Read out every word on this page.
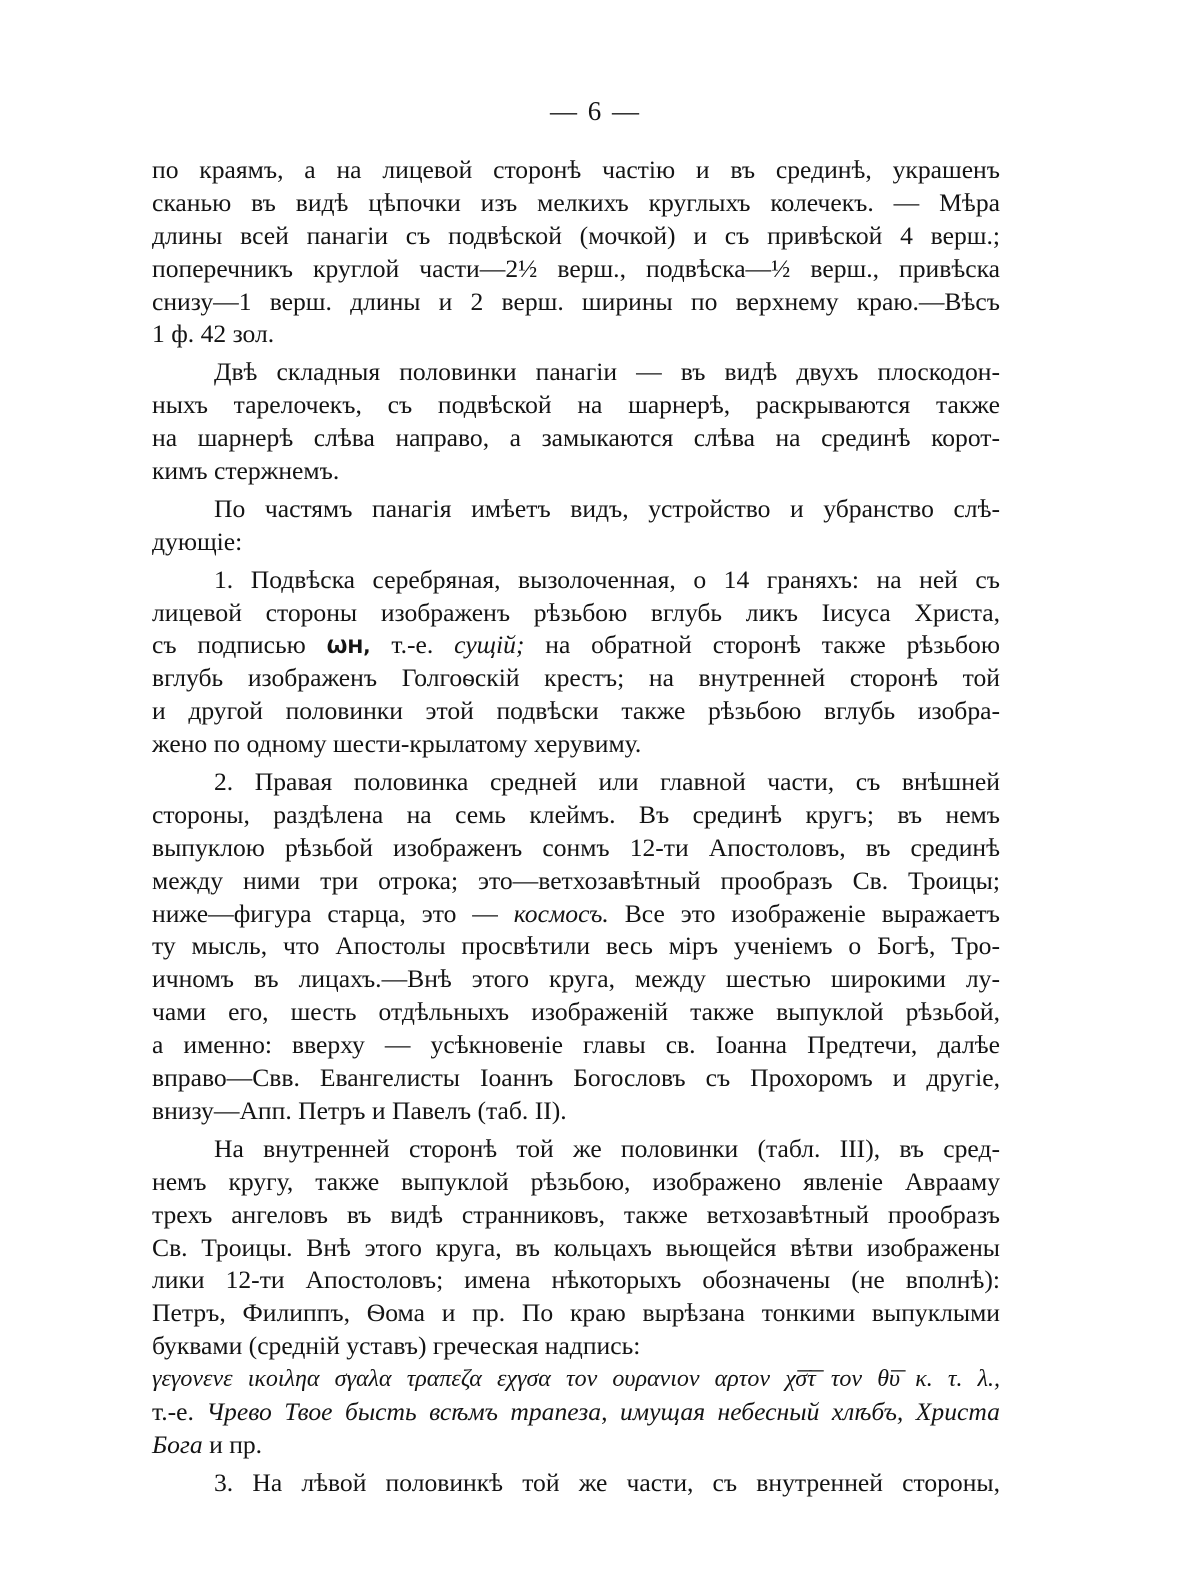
— 6 —
по краямъ, а на лицевой сторонѣ частію и въ срединѣ, украшенъ
сканью въ видѣ цѣпочки изъ мелкихъ круглыхъ колечекъ. — Мѣра
длины всей панагіи съ подвѣской (мочкой) и съ привѣской 4 верш.;
поперечникъ круглой части—2½ верш., подвѣска—½ верш., привѣска
снизу—1 верш. длины и 2 верш. ширины по верхнему краю.—Вѣсъ
1 ф. 42 зол.
Двѣ складныя половинки панагіи — въ видѣ двухъ плоскодон-
ныхъ тарелочекъ, съ подвѣской на шарнерѣ, раскрываются также
на шарнерѣ слѣва направо, а замыкаются слѣва на срединѣ корот-
кимъ стержнемъ.
По частямъ панагія имѣетъ видъ, устройство и убранство слѣ-
дующіе:
1. Подвѣска серебряная, вызолоченная, о 14 граняхъ: на ней съ
лицевой стороны изображенъ рѣзьбою вглубь ликъ Іисуса Христа,
съ подписью ѠН, т.-е. сущій; на обратной сторонѣ также рѣзьбою
вглубь изображенъ Голгоѳскій крестъ; на внутренней сторонѣ той
и другой половинки этой подвѣски также рѣзьбою вглубь изобра-
жено по одному шести-крылатому херувиму.
2. Правая половинка средней или главной части, съ внѣшней
стороны, раздѣлена на семь клеймъ. Въ срединѣ кругъ; въ немъ
выпуклою рѣзьбой изображенъ сонмъ 12-ти Апостоловъ, въ срединѣ
между ними три отрока; это—ветхозавѣтный прообразъ Св. Троицы;
ниже—фигура старца, это — космосъ. Все это изображеніе выражаетъ
ту мысль, что Апостолы просвѣтили весь міръ ученіемъ о Богѣ, Тро-
ичномъ въ лицахъ.—Внѣ этого круга, между шестью широкими лу-
чами его, шесть отдѣльныхъ изображеній также выпуклой рѣзьбой,
а именно: вверху — усѣкновеніе главы св. Іоанна Предтечи, далѣе
вправо—Свв. Евангелисты Іоаннъ Богословъ съ Прохоромъ и другіе,
внизу—Апп. Петръ и Павелъ (таб. II).
На внутренней сторонѣ той же половинки (табл. III), въ сред-
немъ кругу, также выпуклой рѣзьбою, изображено явленіе Аврааму
трехъ ангеловъ въ видѣ странниковъ, также ветхозавѣтный прообразъ
Св. Троицы. Внѣ этого круга, въ кольцахъ вьющейся вѣтви изображены
лики 12-ти Апостоловъ; имена нѣкоторыхъ обозначены (не вполнѣ):
Петръ, Филиппъ, Ѳома и пр. По краю вырѣзана тонкими выпуклыми
буквами (средній уставъ) греческая надпись:
γεγονενε ικοιληα σγαλα τραπεζα εχγσα τον ουρανιον αρτον χ͞σ͞τ τον θ͞υ κ. τ. λ.,
т.-е. Чрево Твое бысть всѣмъ трапеза, имущая небесный хлѣбъ, Христа
Бога и пр.
3. На лѣвой половинкѣ той же части, съ внутренней стороны,
